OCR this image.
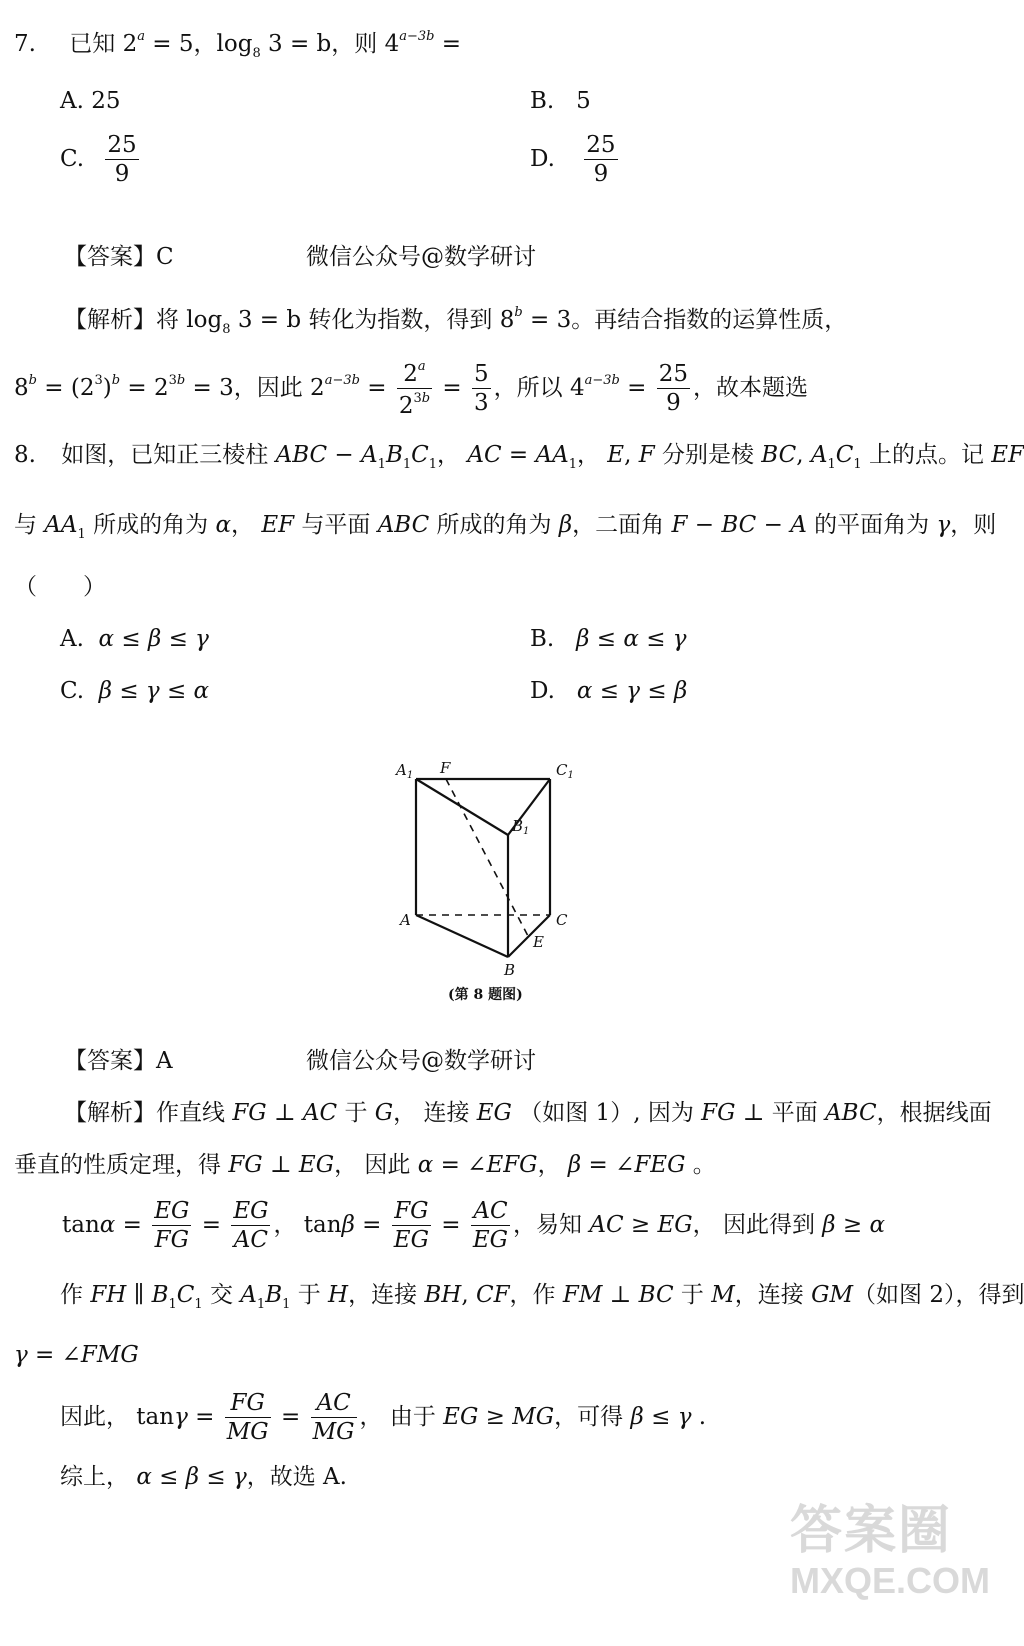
7. 已知 $2^a = 5$，$\log_8 3 = b$，则 $4^{a-3b}$ =
A. 25	B. 5
C. $\frac{25}{9}$	D. $\frac{25}{9}$
【答案】C	微信公众号@数学研讨
【解析】将 $\log_8 3 = b$ 转化为指数，得到 $8^b = 3$。再结合指数的运算性质，
$8^b = (2^3)^b = 2^{3b} = 3$，因此 $2^{a-3b} = \frac{2^a}{2^{3b}} = \frac{5}{3}$ ，所以 $4^{a-3b} = \frac{25}{9}$ ，故本题选
8. 如图，已知正三棱柱 ABC − $A_1B_1C_1$， AC = $AA_1$， E, F 分别是棱 BC, $A_1C_1$ 上的点。记 EF
与 $AA_1$ 所成的角为 α， EF 与平面 ABC 所成的角为 β，二面角 F − BC − A 的平面角为 γ，则
（　　）
A. α ≤ β ≤ γ	B. β ≤ α ≤ γ
C. β ≤ γ ≤ α	D. α ≤ γ ≤ β
$A_1$ F	$C_1$
$B_1$
A	C
E
B
(第 8 题图)
【答案】A	微信公众号@数学研讨
【解析】作直线 FG ⊥ AC 于 G， 连接 EG （如图 1）, 因为 FG ⊥ 平面 ABC，根据线面
垂直的性质定理，得 FG ⊥ EG， 因此 α = ∠EFG， β = ∠FEG 。
$\tan\alpha = \frac{EG}{FG} = \frac{EG}{AC}$ ， $\tan\beta = \frac{FG}{EG} = \frac{AC}{EG}$ ，易知 AC ≥ EG， 因此得到 β ≥ α
作 FH ∥ $B_1C_1$ 交 $A_1B_1$ 于 H，连接 BH, CF，作 FM ⊥ BC 于 M，连接 GM（如图 2），得到
γ = ∠FMG
因此， $\tan\gamma = \frac{FG}{MG} = \frac{AC}{MG}$ ， 由于 EG ≥ MG，可得 β ≤ γ .
综上， α ≤ β ≤ γ，故选 A.
答案圈
MXQE.COM
